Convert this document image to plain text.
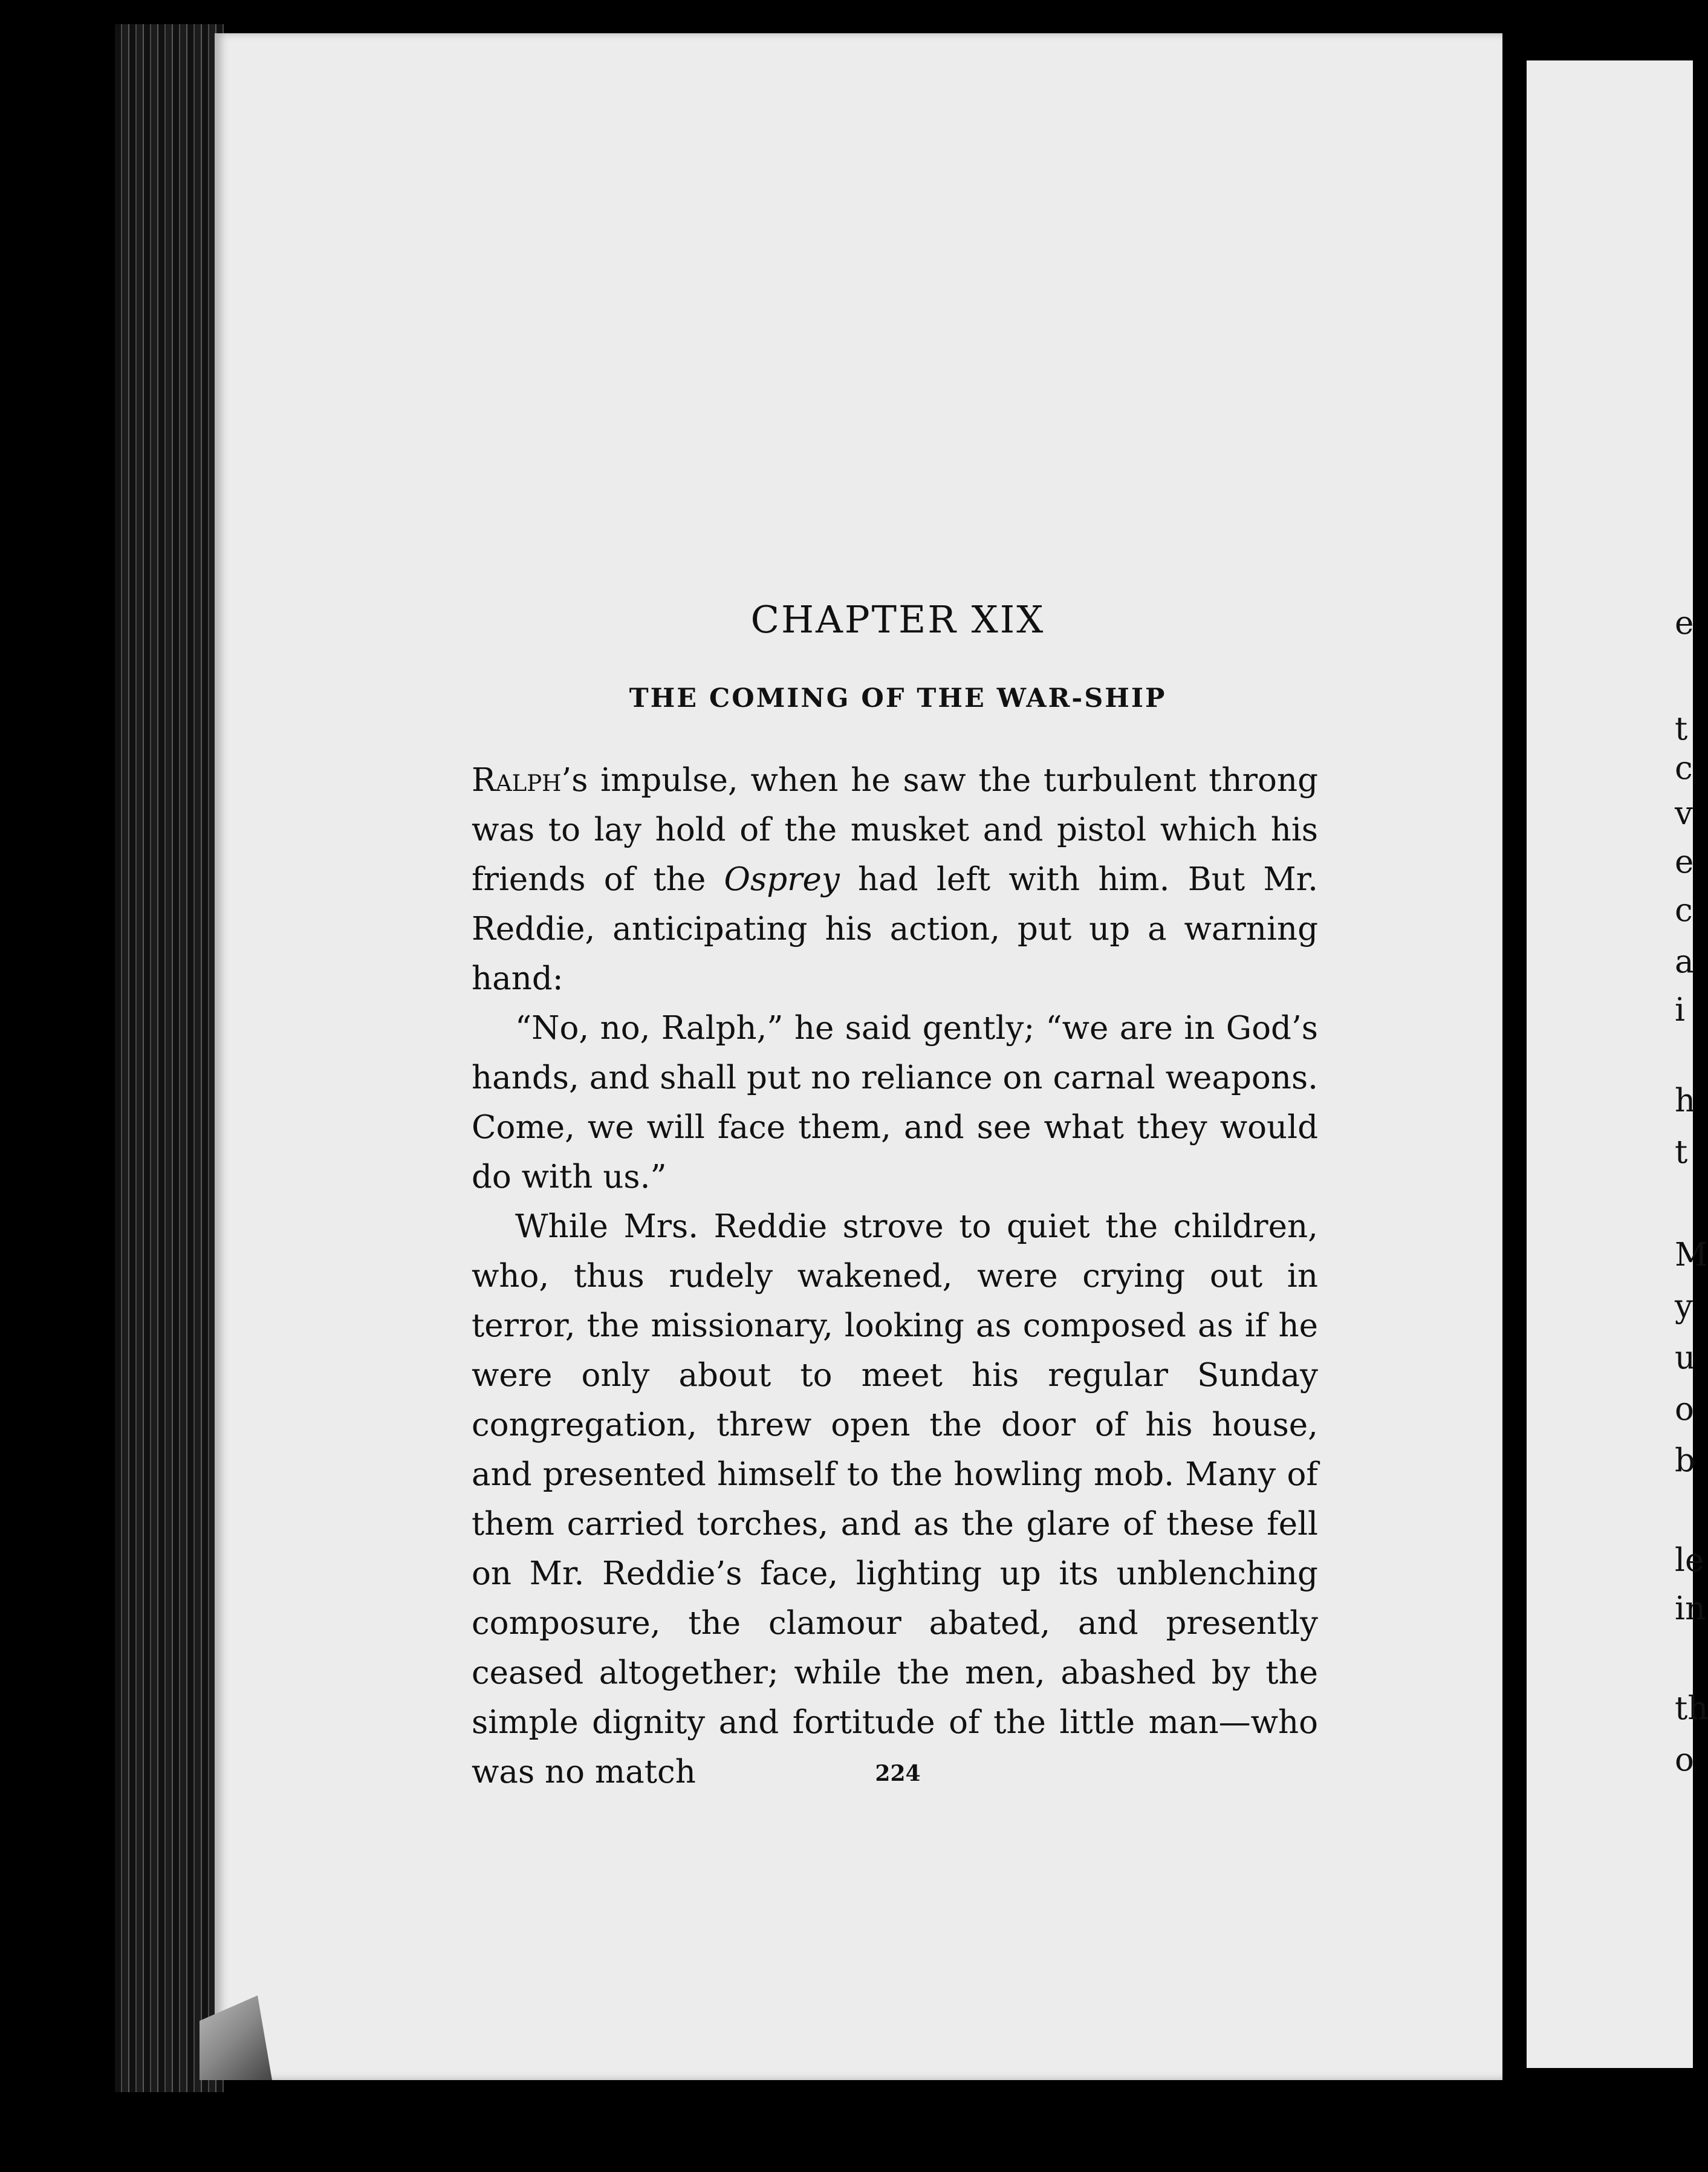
CHAPTER XIX
THE COMING OF THE WAR-SHIP

Ralph’s impulse, when he saw the turbulent throng was to lay hold of the musket and pistol which his friends of the Osprey had left with him. But Mr. Reddie, anticipating his action, put up a warning hand:

“No, no, Ralph,” he said gently; “we are in God’s hands, and shall put no reliance on carnal weapons. Come, we will face them, and see what they would do with us.”

While Mrs. Reddie strove to quiet the children, who, thus rudely wakened, were crying out in terror, the missionary, looking as composed as if he were only about to meet his regular Sunday congregation, threw open the door of his house, and presented himself to the howling mob. Many of them carried torches, and as the glare of these fell on Mr. Reddie’s face, lighting up its unblenching composure, the clamour abated, and presently ceased altogether; while the men, abashed by the simple dignity and fortitude of the little man—who was no match	224
e
t
c
v
e
c
a
i
h
t
M
y
u
o
b
le
in
th
o
